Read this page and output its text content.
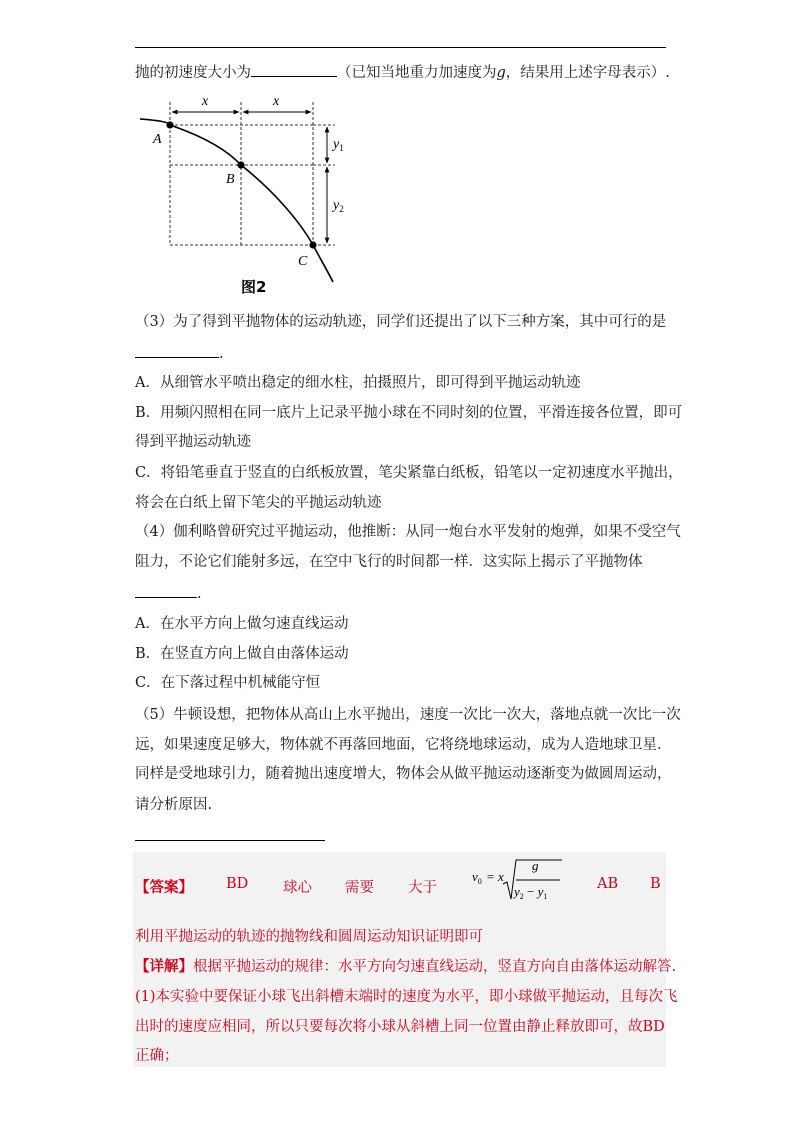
抛的初速度大小为	（已知当地重力加速度为g，结果用上述字母表示）.
x	x
$y_1$
$y_2$
A
B
C
图2
（3）为了得到平抛物体的运动轨迹，同学们还提出了以下三种方案，其中可行的是
.
A．从细管水平喷出稳定的细水柱，拍摄照片，即可得到平抛运动轨迹
B．用频闪照相在同一底片上记录平抛小球在不同时刻的位置，平滑连接各位置，即可
得到平抛运动轨迹
C．将铅笔垂直于竖直的白纸板放置，笔尖紧靠白纸板，铅笔以一定初速度水平抛出，
将会在白纸上留下笔尖的平抛运动轨迹
（4）伽利略曾研究过平抛运动，他推断：从同一炮台水平发射的炮弹，如果不受空气
阻力，不论它们能射多远，在空中飞行的时间都一样．这实际上揭示了平抛物体
.
A．在水平方向上做匀速直线运动
B．在竖直方向上做自由落体运动
C．在下落过程中机械能守恒
（5）牛顿设想，把物体从高山上水平抛出，速度一次比一次大，落地点就一次比一次
远，如果速度足够大，物体就不再落回地面，它将绕地球运动，成为人造地球卫星．
同样是受地球引力，随着抛出速度增大，物体会从做平抛运动逐渐变为做圆周运动，
请分析原因.
【答案】 BD 球心 需要 大于
$v_0 = x$
g
$y_2 - y_1$
AB B
利用平抛运动的轨迹的抛物线和圆周运动知识证明即可
【详解】根据平抛运动的规律：水平方向匀速直线运动，竖直方向自由落体运动解答.
(1)本实验中要保证小球飞出斜槽末端时的速度为水平，即小球做平抛运动，且每次飞
出时的速度应相同，所以只要每次将小球从斜槽上同一位置由静止释放即可，故BD
正确；
